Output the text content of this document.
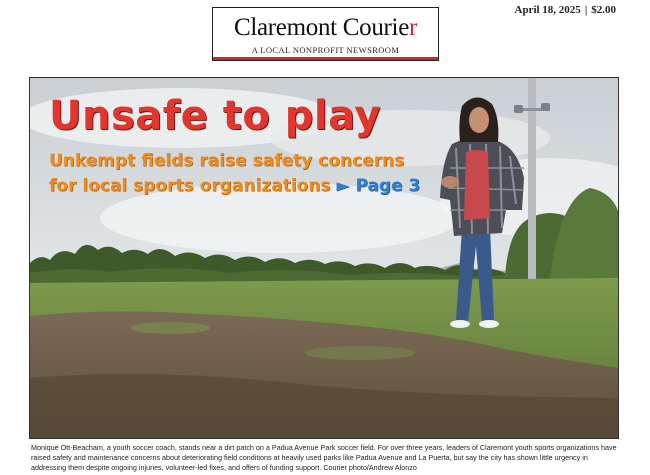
Claremont Courier
A LOCAL NONPROFIT NEWSROOM
April 18, 2025 | $2.00
Unsafe to play
Unkempt fields raise safety concerns
for local sports organizations ► Page 3
Monique Ott-Beacham, a youth soccer coach, stands near a dirt patch on a Padua Avenue Park soccer field. For over three years, leaders of Claremont youth sports organizations have raised safety and maintenance concerns about deteriorating field conditions at heavily used parks like Padua Avenue and La Puerta, but say the city has shown little urgency in addressing them despite ongoing injuries, volunteer-led fixes, and offers of funding support. Courier photo/Andrew Alonzo
